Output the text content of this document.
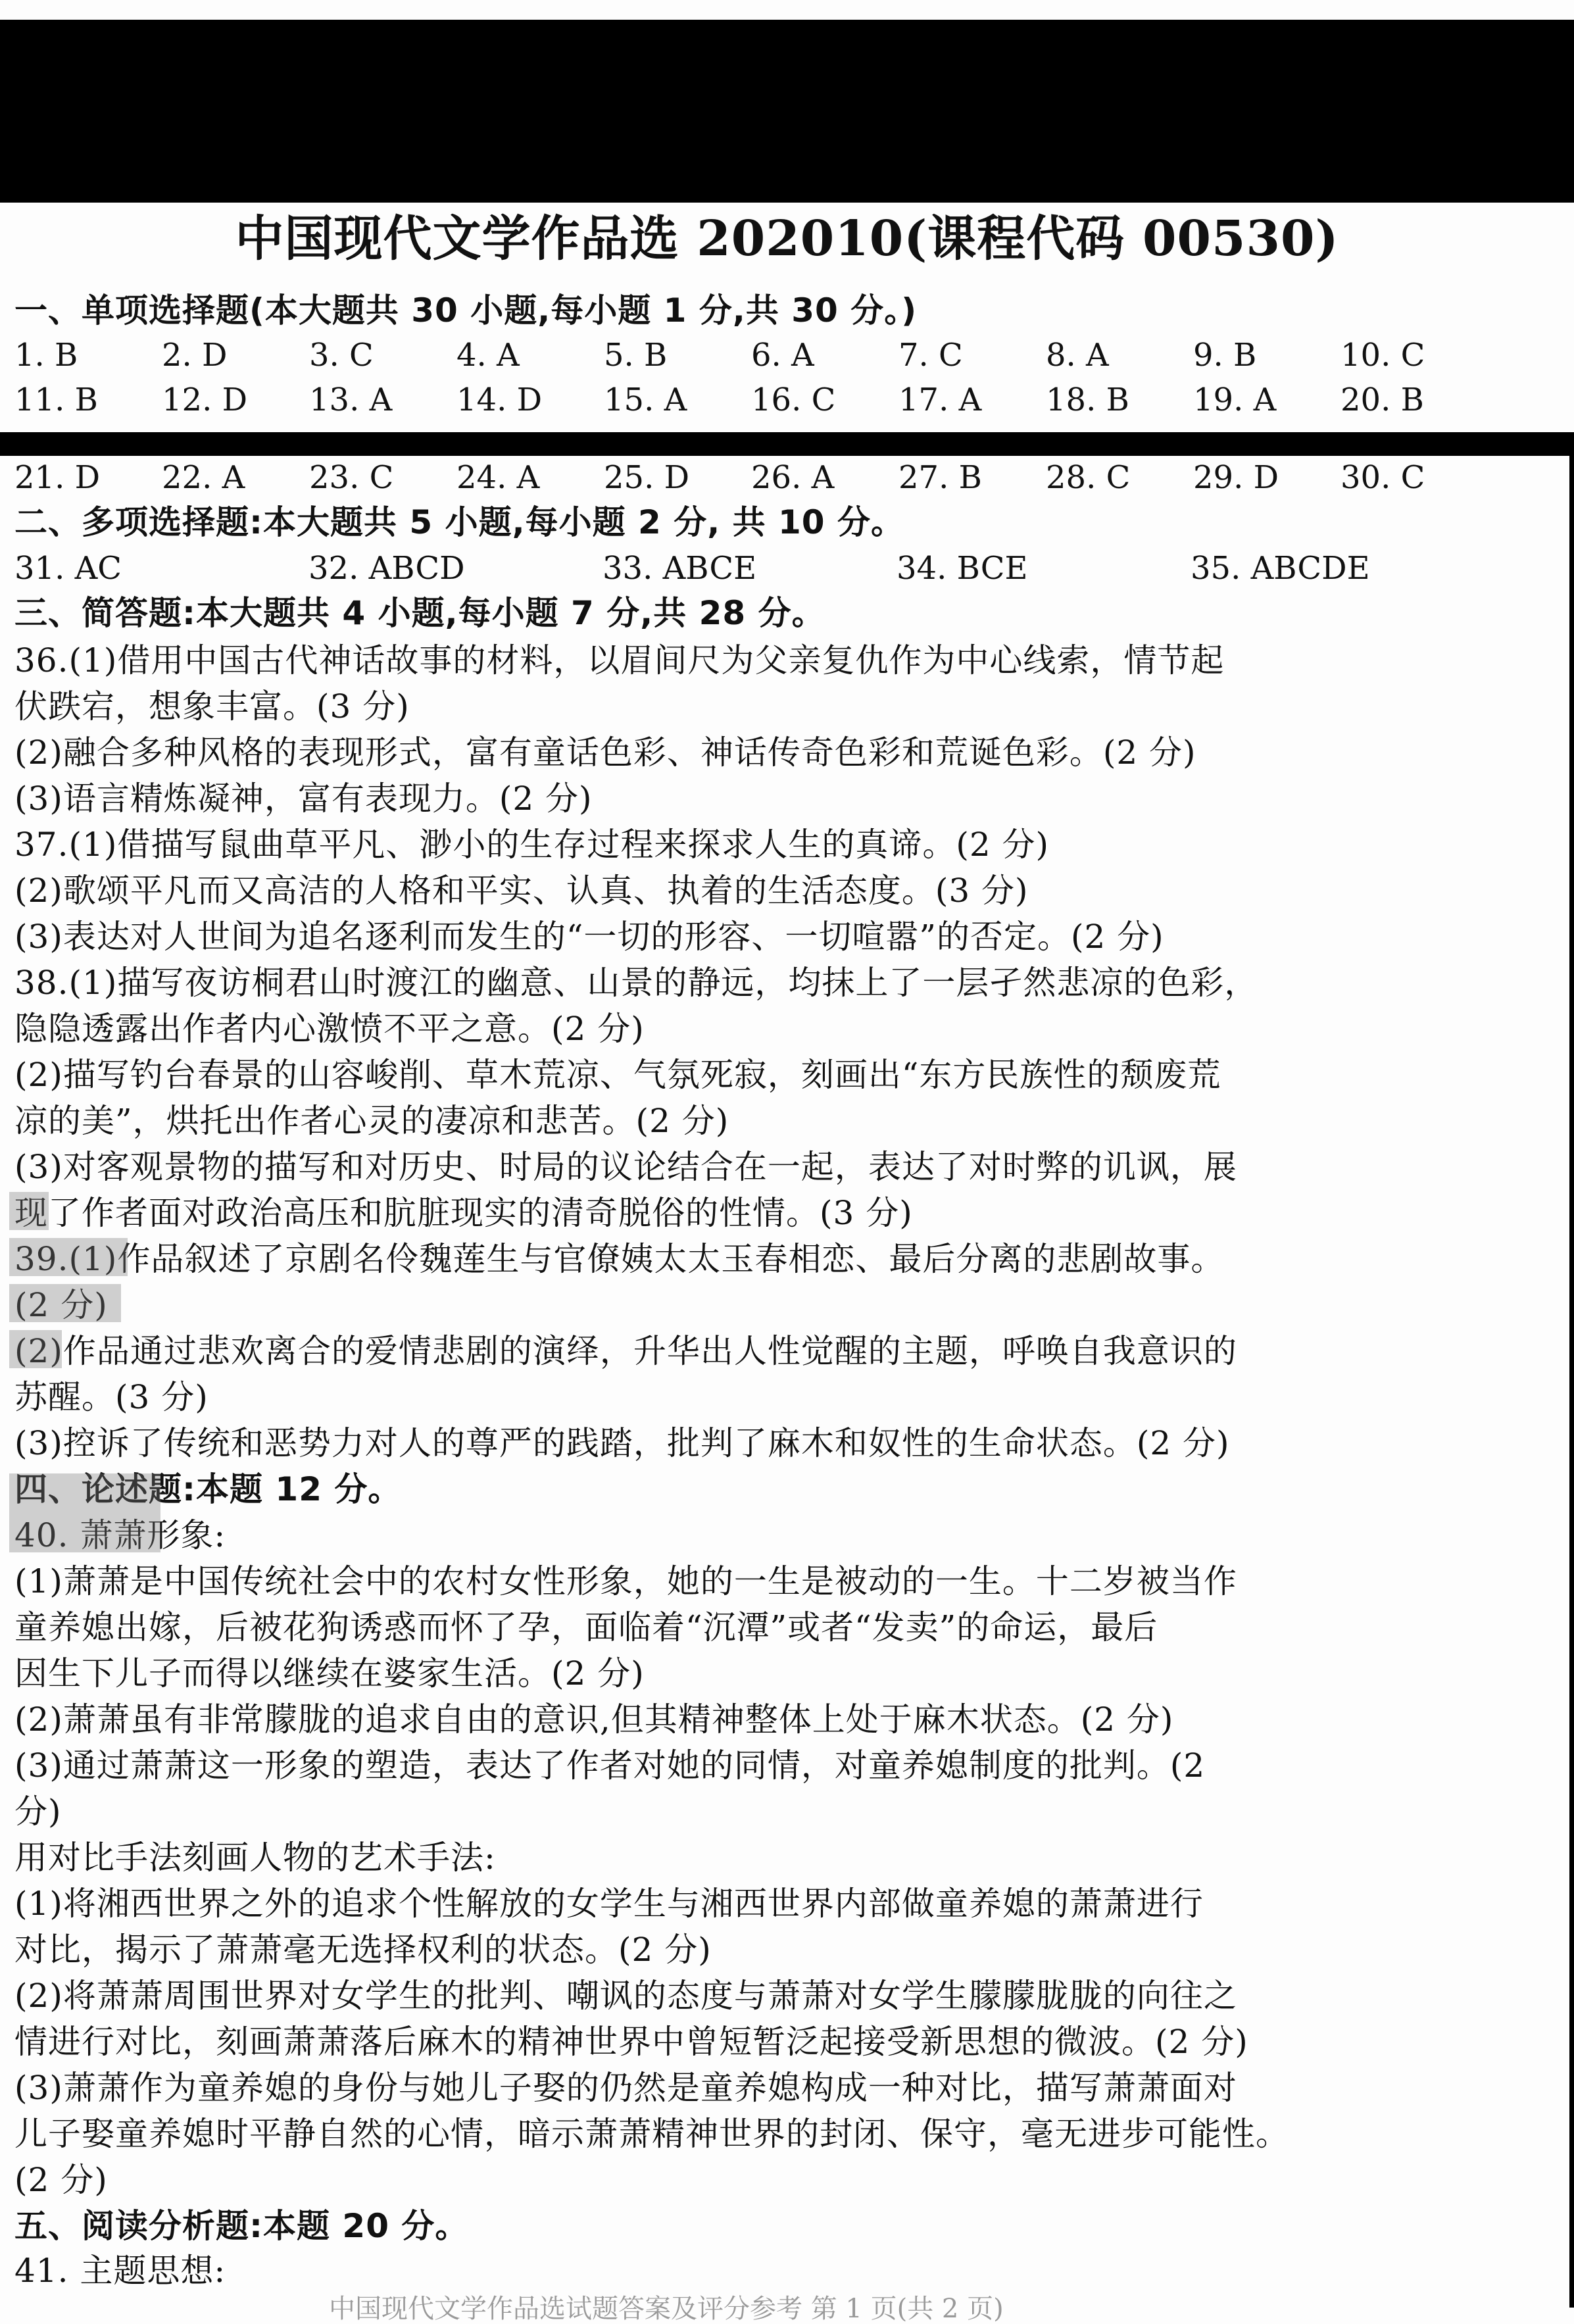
中国现代文学作品选 202010(课程代码 00530)
一、单项选择题(本大题共 30 小题,每小题 1 分,共 30 分。)
1. B	2. D	3. C	4. A	5. B	6. A	7. C	8. A	9. B	10. C
11. B	12. D	13. A	14. D	15. A	16. C	17. A	18. B	19. A	20. B
21. D	22. A	23. C	24. A	25. D	26. A	27. B	28. C	29. D	30. C
二、多项选择题:本大题共 5 小题,每小题 2 分, 共 10 分。
31. AC	32. ABCD	33. ABCE	34. BCE	35. ABCDE
三、简答题:本大题共 4 小题,每小题 7 分,共 28 分。
36.(1)借用中国古代神话故事的材料，以眉间尺为父亲复仇作为中心线索，情节起
伏跌宕，想象丰富。(3 分)
(2)融合多种风格的表现形式，富有童话色彩、神话传奇色彩和荒诞色彩。(2 分)
(3)语言精炼凝神，富有表现力。(2 分)
37.(1)借描写鼠曲草平凡、渺小的生存过程来探求人生的真谛。(2 分)
(2)歌颂平凡而又高洁的人格和平实、认真、执着的生活态度。(3 分)
(3)表达对人世间为追名逐利而发生的“一切的形容、一切喧嚣”的否定。(2 分)
38.(1)描写夜访桐君山时渡江的幽意、山景的静远，均抹上了一层孑然悲凉的色彩，
隐隐透露出作者内心激愤不平之意。(2 分)
(2)描写钓台春景的山容峻削、草木荒凉、气氛死寂，刻画出“东方民族性的颓废荒
凉的美”，烘托出作者心灵的凄凉和悲苦。(2 分)
(3)对客观景物的描写和对历史、时局的议论结合在一起，表达了对时弊的讥讽，展
现了作者面对政治高压和肮脏现实的清奇脱俗的性情。(3 分)
39.(1)作品叙述了京剧名伶魏莲生与官僚姨太太玉春相恋、最后分离的悲剧故事。
(2 分)
(2)作品通过悲欢离合的爱情悲剧的演绎，升华出人性觉醒的主题，呼唤自我意识的
苏醒。(3 分)
(3)控诉了传统和恶势力对人的尊严的践踏，批判了麻木和奴性的生命状态。(2 分)
四、论述题:本题 12 分。
40. 萧萧形象:
(1)萧萧是中国传统社会中的农村女性形象，她的一生是被动的一生。十二岁被当作
童养媳出嫁，后被花狗诱惑而怀了孕，面临着“沉潭”或者“发卖”的命运，最后
因生下儿子而得以继续在婆家生活。(2 分)
(2)萧萧虽有非常朦胧的追求自由的意识,但其精神整体上处于麻木状态。(2 分)
(3)通过萧萧这一形象的塑造，表达了作者对她的同情，对童养媳制度的批判。(2
分)
用对比手法刻画人物的艺术手法:
(1)将湘西世界之外的追求个性解放的女学生与湘西世界内部做童养媳的萧萧进行
对比，揭示了萧萧毫无选择权利的状态。(2 分)
(2)将萧萧周围世界对女学生的批判、嘲讽的态度与萧萧对女学生朦朦胧胧的向往之
情进行对比，刻画萧萧落后麻木的精神世界中曾短暂泛起接受新思想的微波。(2 分)
(3)萧萧作为童养媳的身份与她儿子娶的仍然是童养媳构成一种对比，描写萧萧面对
儿子娶童养媳时平静自然的心情，暗示萧萧精神世界的封闭、保守，毫无进步可能性。
(2 分)
五、阅读分析题:本题 20 分。
41. 主题思想:
中国现代文学作品选试题答案及评分参考 第 1 页(共 2 页)
